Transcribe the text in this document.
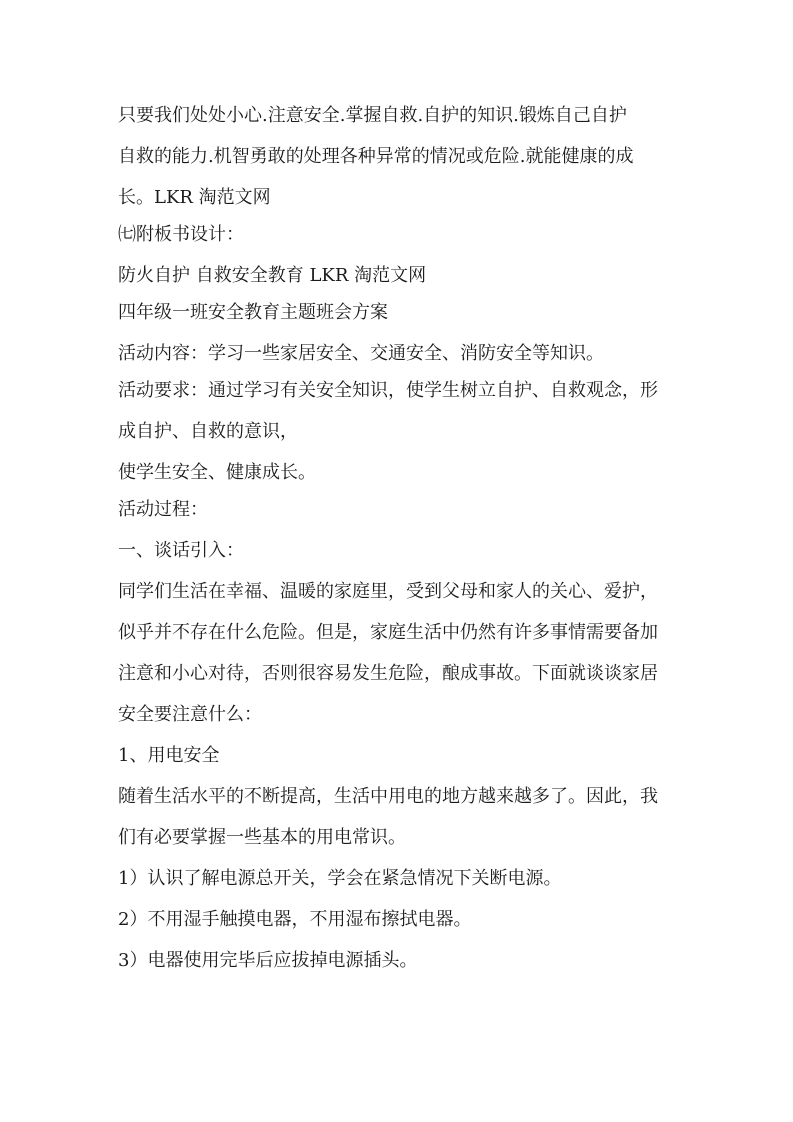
只要我们处处小心.注意安全.掌握自救.自护的知识.锻炼自己自护
自救的能力.机智勇敢的处理各种异常的情况或危险.就能健康的成
长。LKR 淘范文网
㈦附板书设计：
防火自护 自救安全教育 LKR 淘范文网
四年级一班安全教育主题班会方案
活动内容：学习一些家居安全、交通安全、消防安全等知识。
活动要求：通过学习有关安全知识，使学生树立自护、自救观念，形
成自护、自救的意识，
使学生安全、健康成长。
活动过程：
一、谈话引入：
同学们生活在幸福、温暖的家庭里，受到父母和家人的关心、爱护，
似乎并不存在什么危险。但是，家庭生活中仍然有许多事情需要备加
注意和小心对待，否则很容易发生危险，酿成事故。下面就谈谈家居
安全要注意什么：
1、用电安全
随着生活水平的不断提高，生活中用电的地方越来越多了。因此，我
们有必要掌握一些基本的用电常识。
1）认识了解电源总开关，学会在紧急情况下关断电源。
2）不用湿手触摸电器，不用湿布擦拭电器。
3）电器使用完毕后应拔掉电源插头。
